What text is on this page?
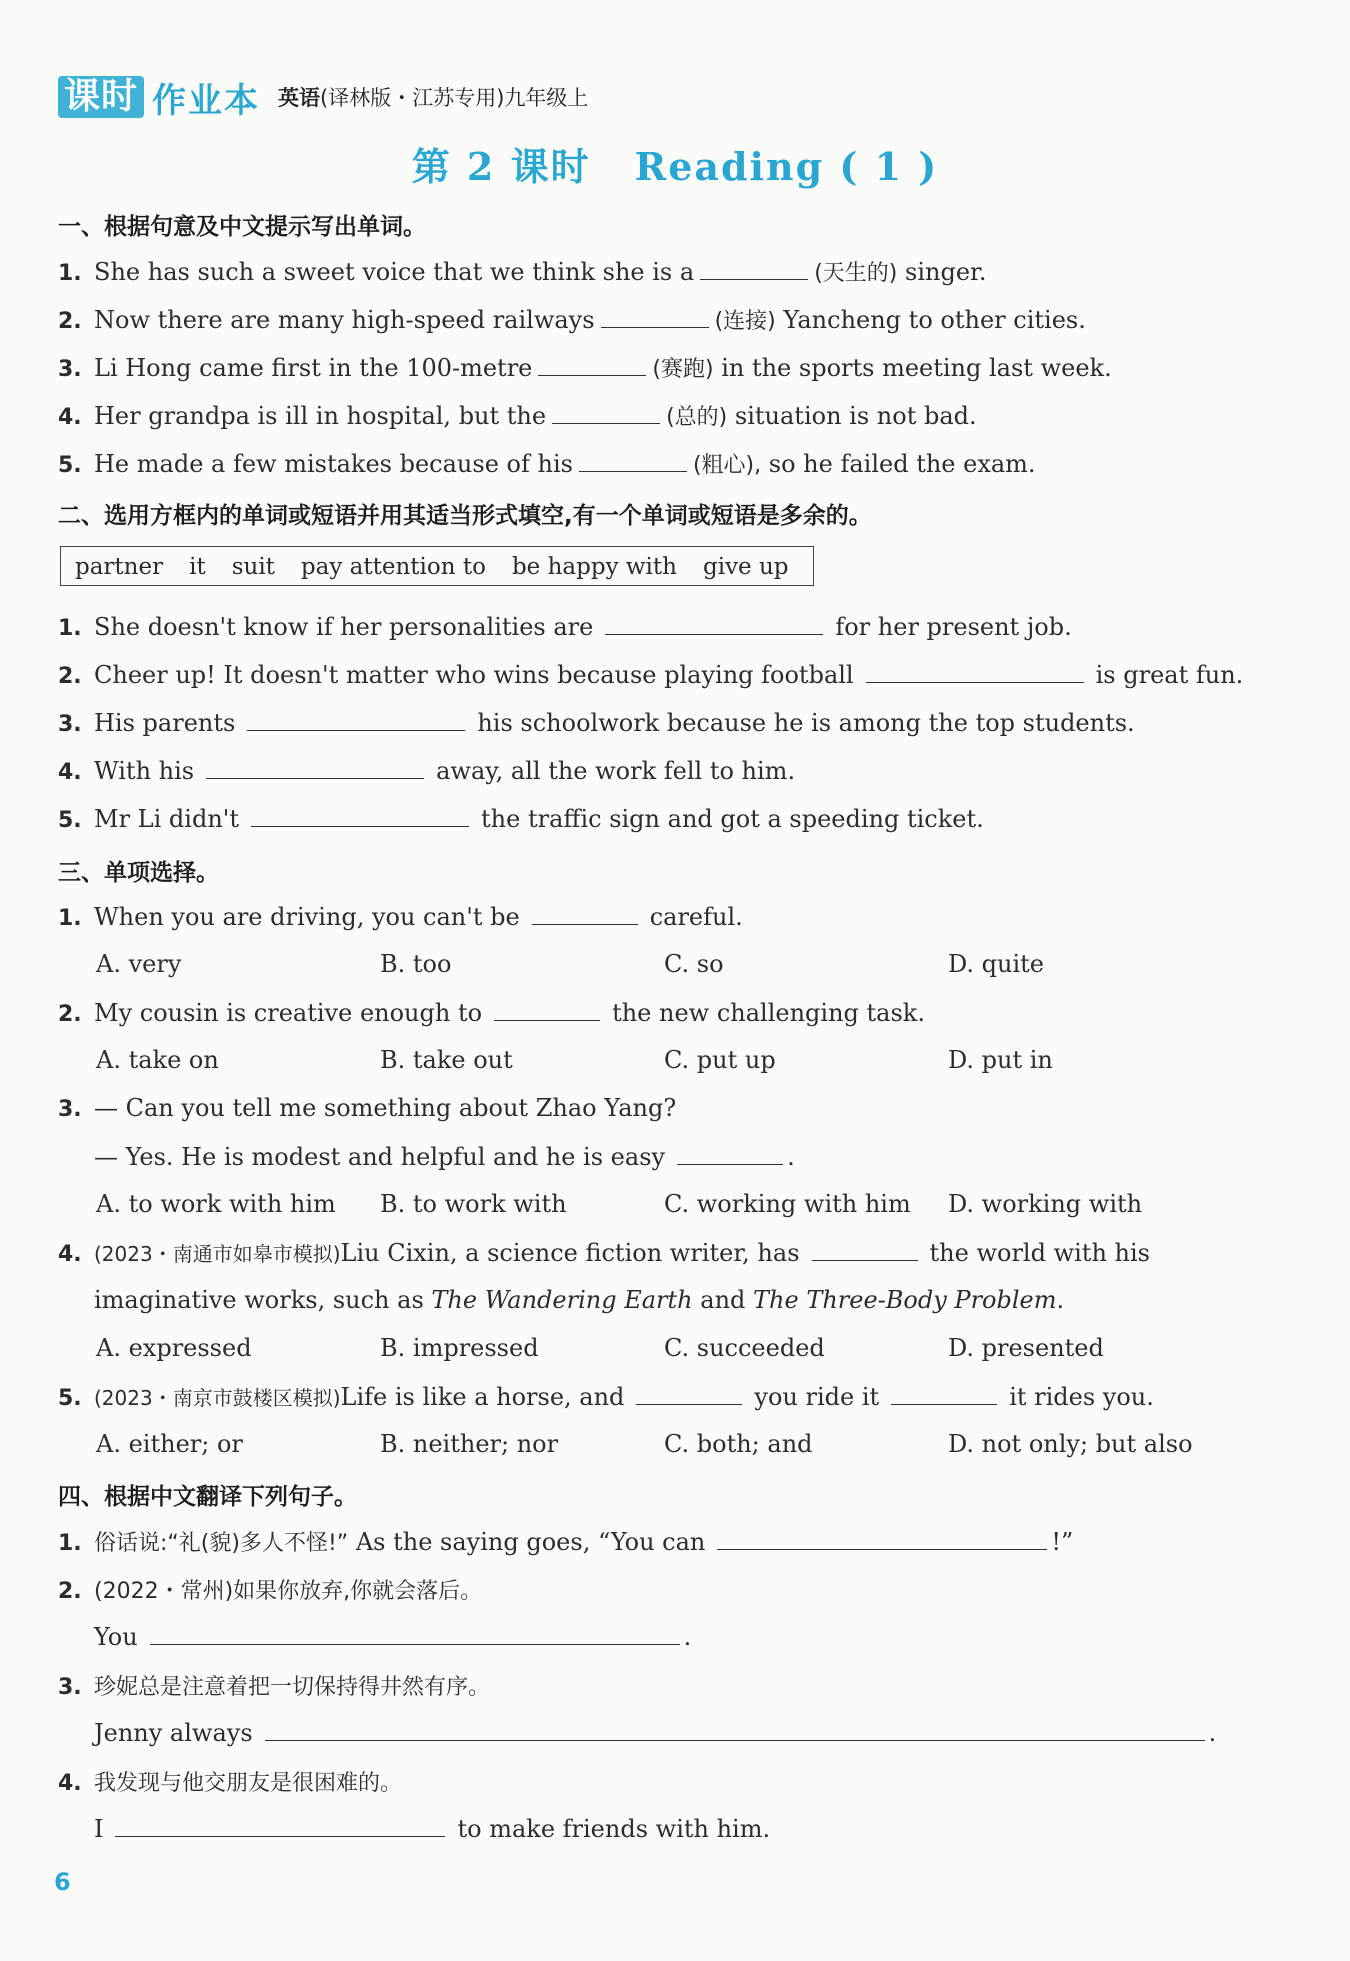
课时 作业本 英语(译林版・江苏专用)九年级上
第 2 课时 Reading ( 1 )
一、根据句意及中文提示写出单词。
1. She has such a sweet voice that we think she is a	(天生的) singer.
2. Now there are many high-speed railways	(连接) Yancheng to other cities.
3. Li Hong came first in the 100-metre	(赛跑) in the sports meeting last week.
4. Her grandpa is ill in hospital, but the	(总的) situation is not bad.
5. He made a few mistakes because of his	(粗心), so he failed the exam.
二、选用方框内的单词或短语并用其适当形式填空,有一个单词或短语是多余的。
partner it suit pay attention to be happy with give up
1. She doesn't know if her personalities are	for her present job.
2. Cheer up! It doesn't matter who wins because playing football	is great fun.
3. His parents	his schoolwork because he is among the top students.
4. With his	away, all the work fell to him.
5. Mr Li didn't	the traffic sign and got a speeding ticket.
三、单项选择。
1. When you are driving, you can't be	careful.
A. very	B. too	C. so	D. quite
2. My cousin is creative enough to	the new challenging task.
A. take on	B. take out	C. put up	D. put in
3. — Can you tell me something about Zhao Yang?
— Yes. He is modest and helpful and he is easy	.
A. to work with him B. to work with	C. working with him D. working with
4. (2023・南通市如皋市模拟)Liu Cixin, a science fiction writer, has	the world with his
imaginative works, such as The Wandering Earth and The Three-Body Problem.
A. expressed	B. impressed	C. succeeded	D. presented
5. (2023・南京市鼓楼区模拟)Life is like a horse, and	you ride it	it rides you.
A. either; or	B. neither; nor	C. both; and	D. not only; but also
四、根据中文翻译下列句子。
1. 俗话说:“礼(貌)多人不怪!” As the saying goes, “You can	!”
2. (2022・常州)如果你放弃,你就会落后。
You	.
3. 珍妮总是注意着把一切保持得井然有序。
Jenny always	.
4. 我发现与他交朋友是很困难的。
I	to make friends with him.
6
